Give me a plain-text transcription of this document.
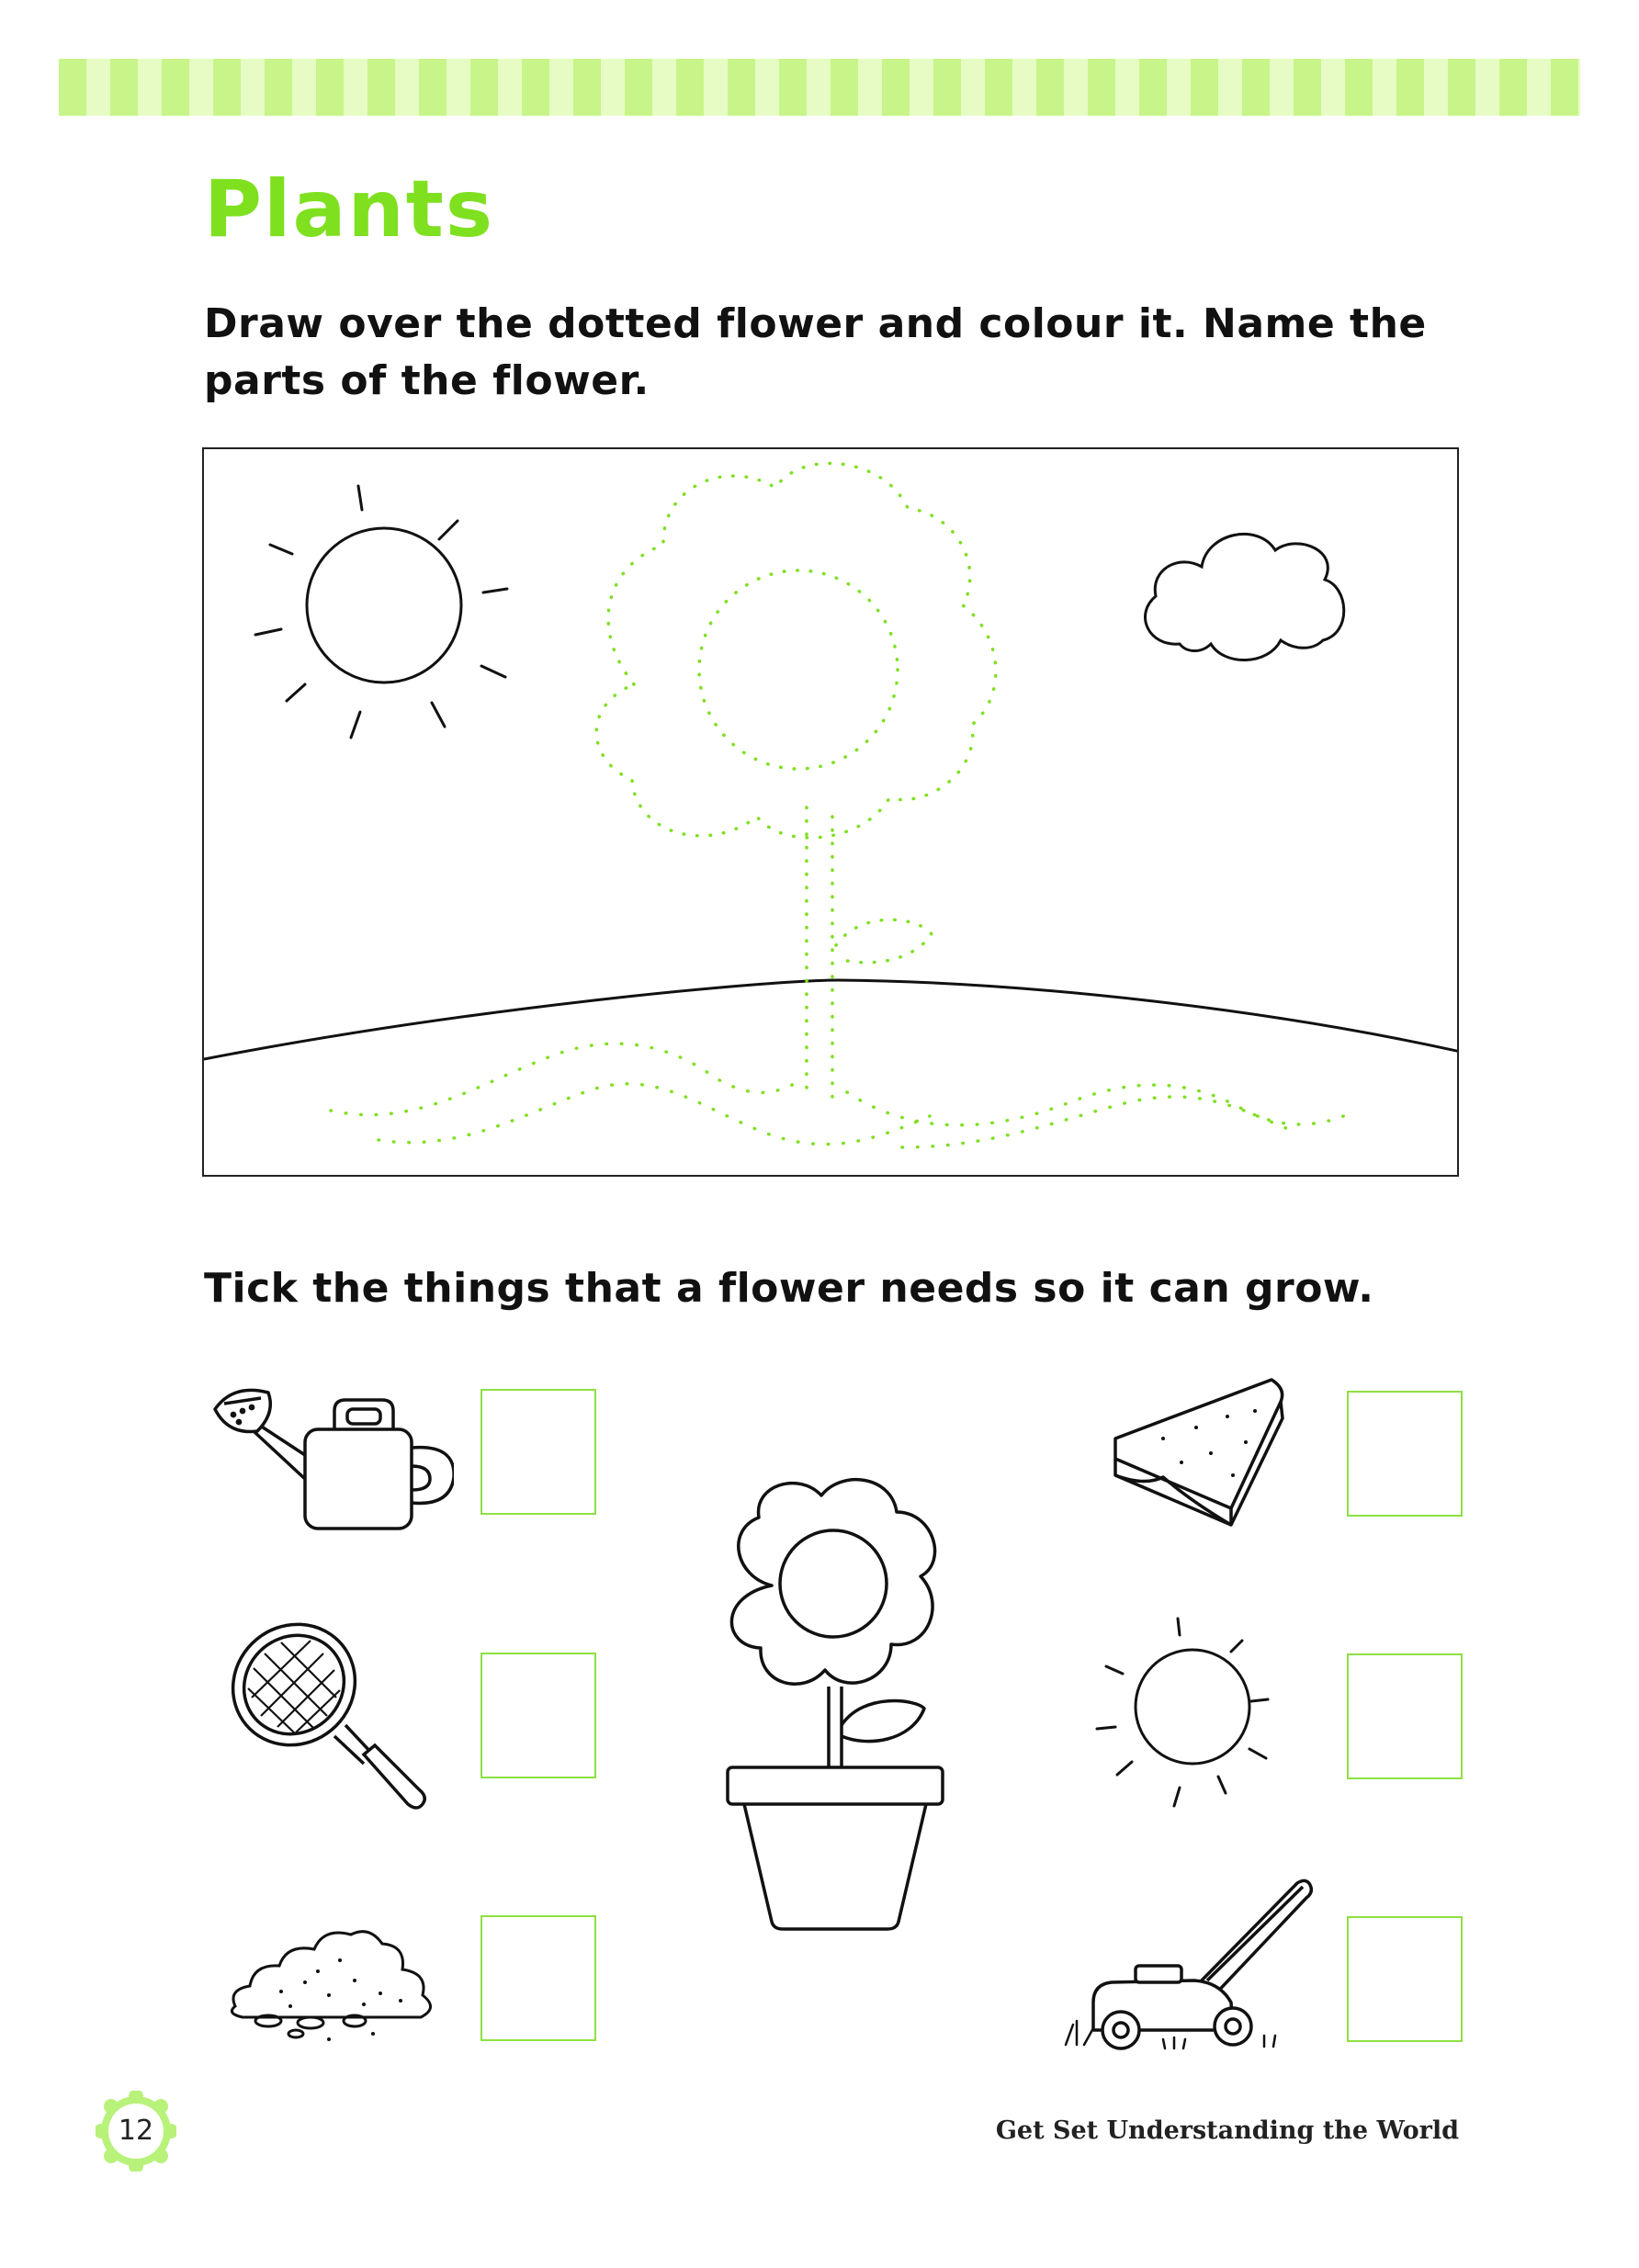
Plants

Draw over the dotted flower and colour it. Name the parts of the flower.

Tick the things that a flower needs so it can grow.

12	Get Set Understanding the World
